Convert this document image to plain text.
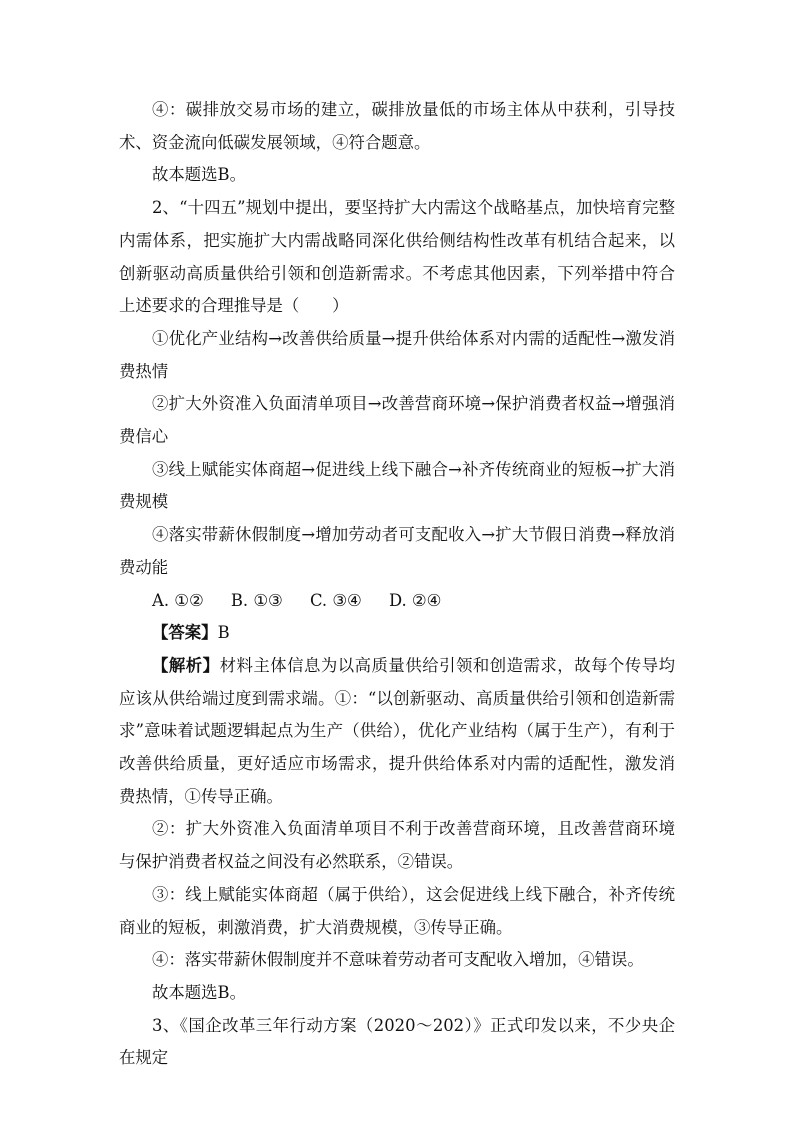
④：碳排放交易市场的建立，碳排放量低的市场主体从中获利，引导技术、资金流向低碳发展领域，④符合题意。

故本题选B。

2、“十四五”规划中提出，要坚持扩大内需这个战略基点，加快培育完整内需体系，把实施扩大内需战略同深化供给侧结构性改革有机结合起来，以创新驱动高质量供给引领和创造新需求。不考虑其他因素，下列举措中符合上述要求的合理推导是（　　）

①优化产业结构→改善供给质量→提升供给体系对内需的适配性→激发消费热情

②扩大外资准入负面清单项目→改善营商环境→保护消费者权益→增强消费信心

③线上赋能实体商超→促进线上线下融合→补齐传统商业的短板→扩大消费规模

④落实带薪休假制度→增加劳动者可支配收入→扩大节假日消费→释放消费动能

A. ①② B. ①③ C. ③④ D. ②④

【答案】B

【解析】材料主体信息为以高质量供给引领和创造需求，故每个传导均应该从供给端过度到需求端。①：“以创新驱动、高质量供给引领和创造新需求”意味着试题逻辑起点为生产（供给），优化产业结构（属于生产），有利于改善供给质量，更好适应市场需求，提升供给体系对内需的适配性，激发消费热情，①传导正确。

②：扩大外资准入负面清单项目不利于改善营商环境，且改善营商环境与保护消费者权益之间没有必然联系，②错误。

③：线上赋能实体商超（属于供给），这会促进线上线下融合，补齐传统商业的短板，刺激消费，扩大消费规模，③传导正确。

④：落实带薪休假制度并不意味着劳动者可支配收入增加，④错误。

故本题选B。

3、《国企改革三年行动方案（2020～202）》正式印发以来，不少央企在规定
